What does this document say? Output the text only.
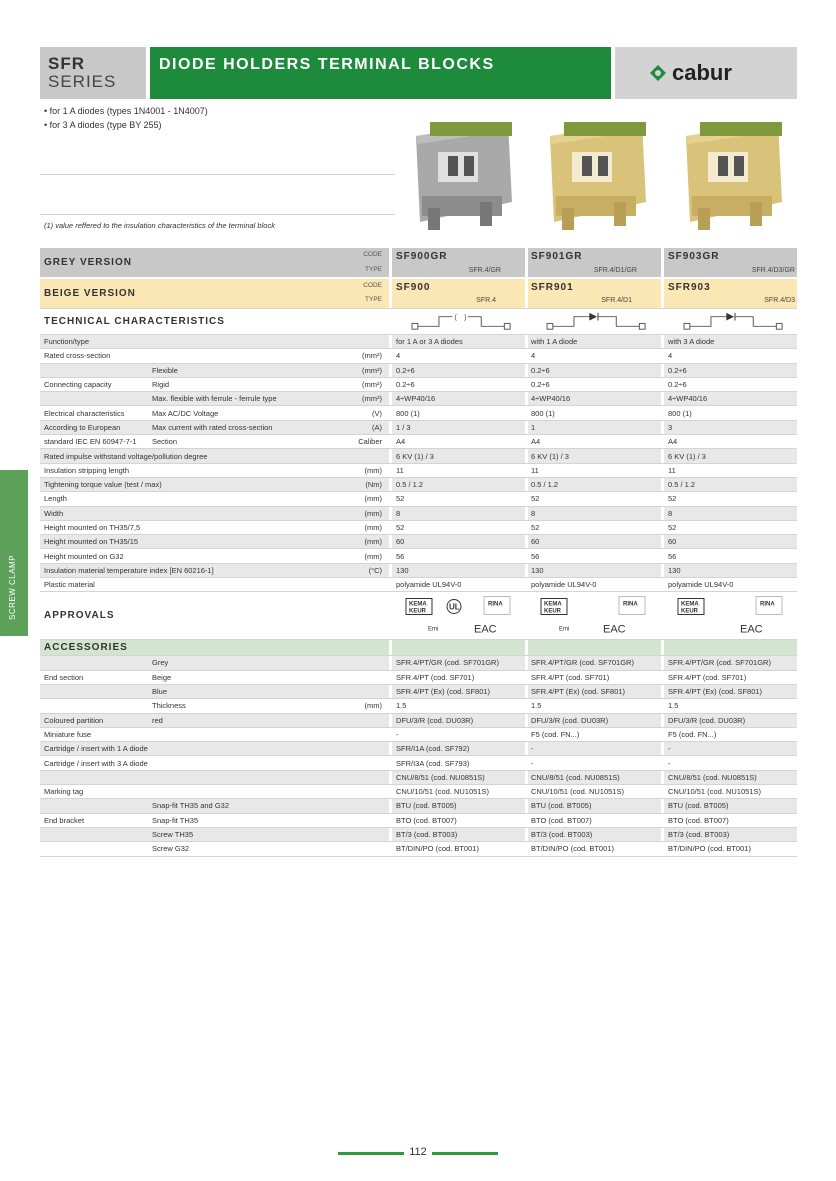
SFR
SERIES
DIODE HOLDERS TERMINAL BLOCKS	cabur
• for 1 A diodes (types 1N4001 - 1N4007)
• for 3 A diodes (type BY 255)
(1) value reffered to the insulation characteristics of the terminal block
SCREW CLAMP
GREY VERSION
CODE
TYPE
SF900GR	SF901GR	SF903GR
SFR.4/GR	SFR.4/D1/GR	SFR.4/D3/GR
BEIGE VERSION
CODE
TYPE
SF900	SFR901	SFR903
SFR.4	SFR.4/D1	SFR.4/D3
TECHNICAL CHARACTERISTICS	( )
Function/type	for 1 A or 3 A diodes	with 1 A diode	with 3 A diode
Rated cross-section	(mm²) 4	4	4
Flexible	(mm²) 0.2÷6	0.2÷6	0.2÷6
Connecting capacity	Rigid	(mm²) 0.2÷6	0.2÷6	0.2÷6
Max. flexible with ferrule - ferrule type	(mm²) 4÷WP40/16	4÷WP40/16	4÷WP40/16
Electrical characteristics	Max AC/DC Voltage	(V) 800 (1)	800 (1)	800 (1)
According to European	Max current with rated cross-section	(A) 1 / 3	1	3
standard IEC EN 60947-7-1 Section	Caliber A4	A4	A4
Rated impulse withstand voltage/pollution degree	6 KV (1) / 3	6 KV (1) / 3	6 KV (1) / 3
Insulation stripping length	(mm) 11	11	11
Tightening torque value (test / max)	(Nm) 0.5 / 1.2	0.5 / 1.2	0.5 / 1.2
Length	(mm) 52	52	52
Width	(mm) 8	8	8
Height mounted on TH35/7,5	(mm) 52	52	52
Height mounted on TH35/15	(mm) 60	60	60
Height mounted on G32	(mm) 56	56	56
Insulation material temperature index [EN 60216-1]	(°C) 130	130	130
Plastic material	polyamide UL94V-0	polyamide UL94V-0	polyamide UL94V-0
APPROVALS
KEMA
KEUR	UL	RINA
Emi	EAC
KEMA
KEUR
RINA
Emi	EAC
KEMA
KEUR
RINA
EAC
ACCESSORIES
Grey	SFR.4/PT/GR (cod. SF701GR)	SFR.4/PT/GR (cod. SF701GR)	SFR.4/PT/GR (cod. SF701GR)
End section	Beige	SFR.4/PT (cod. SF701)	SFR.4/PT (cod. SF701)	SFR.4/PT (cod. SF701)
Blue	SFR.4/PT (Ex) (cod. SF801)	SFR.4/PT (Ex) (cod. SF801)	SFR.4/PT (Ex) (cod. SF801)
Thickness	(mm) 1.5	1.5	1.5
Coloured partition	red	DFU/3/R (cod. DU03R)	DFU/3/R (cod. DU03R)	DFU/3/R (cod. DU03R)
Miniature fuse	-	F5 (cod. FN...)	F5 (cod. FN...)
Cartridge / insert with 1 A diode	SFR/I1A (cod. SF792)	-	-
Cartridge / insert with 3 A diode	SFR/I3A (cod. SF793)	-	-
CNU/8/51 (cod. NU0851S)	CNU/8/51 (cod. NU0851S)	CNU/8/51 (cod. NU0851S)
Marking tag	CNU/10/51 (cod. NU1051S)	CNU/10/51 (cod. NU1051S)	CNU/10/51 (cod. NU1051S)
Snap-fit TH35 and G32	BTU (cod. BT005)	BTU (cod. BT005)	BTU (cod. BT005)
End bracket	Snap-fit TH35	BTO (cod. BT007)	BTO (cod. BT007)	BTO (cod. BT007)
Screw TH35	BT/3 (cod. BT003)	BT/3 (cod. BT003)	BT/3 (cod. BT003)
Screw G32	BT/DIN/PO (cod. BT001)	BT/DIN/PO (cod. BT001)	BT/DIN/PO (cod. BT001)
112
